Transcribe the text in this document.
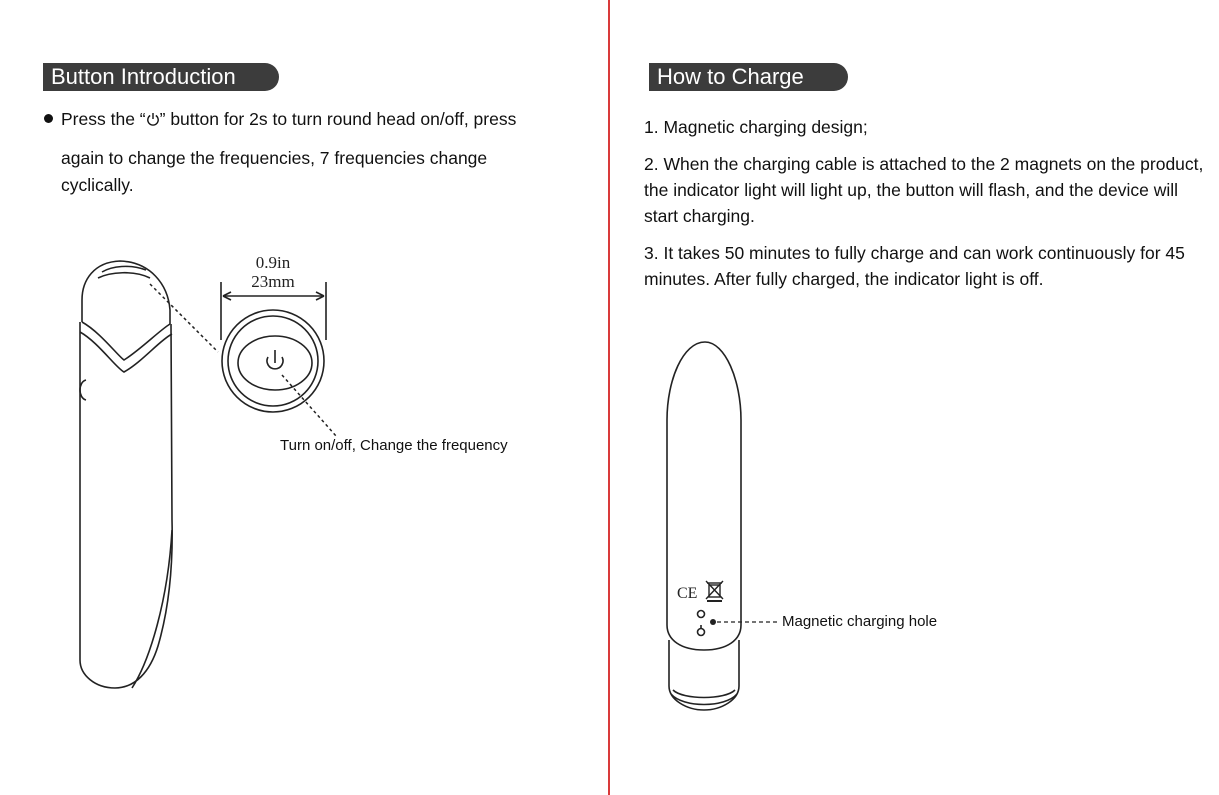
Button Introduction
Press the “ ” button for 2s to turn round head on/off, press
again to change the frequencies, 7 frequencies change
cyclically.
0.9in
23mm
Turn on/off, Change the frequency
How to Charge

1. Magnetic charging design;

2. When the charging cable is attached to the 2 magnets on the product, the indicator light will light up, the button will flash, and the device will start charging.

3. It takes 50 minutes to fully charge and can work continuously for 45 minutes. After fully charged, the indicator light is off.

CE
Magnetic charging hole
